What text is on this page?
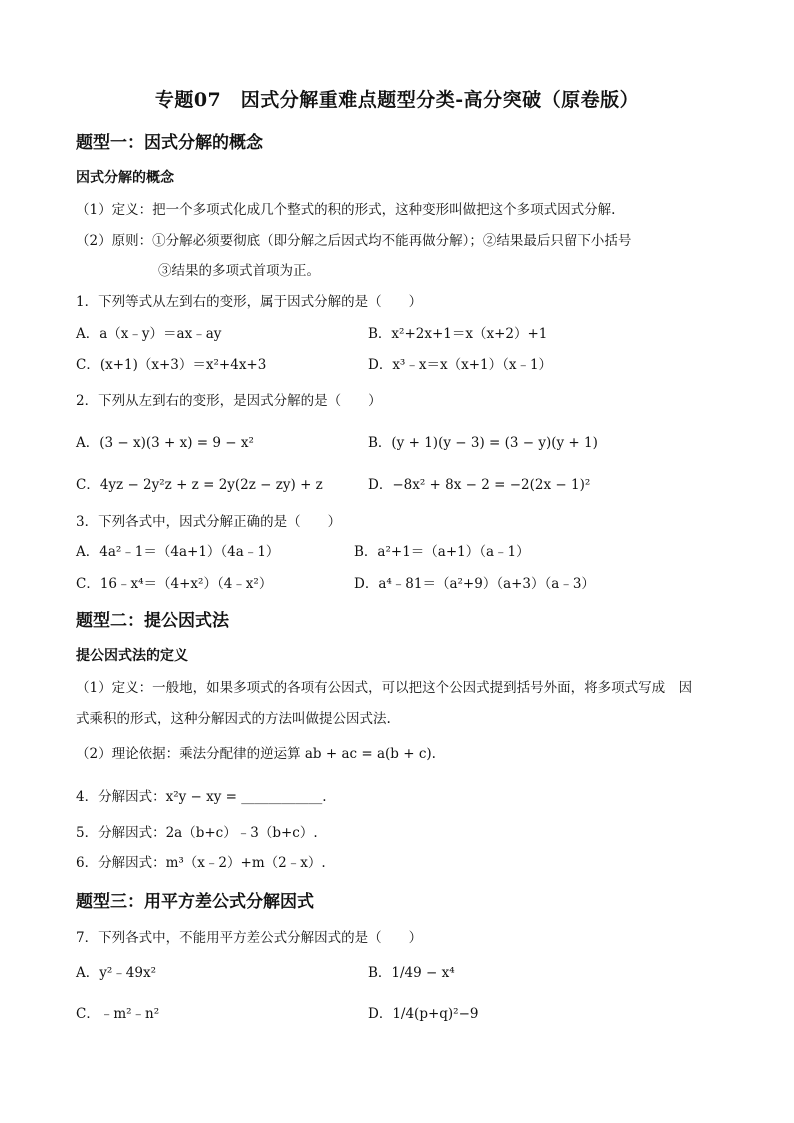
专题07　因式分解重难点题型分类-高分突破（原卷版）
题型一：因式分解的概念
因式分解的概念
（1）定义：把一个多项式化成几个整式的积的形式，这种变形叫做把这个多项式因式分解.
（2）原则：①分解必须要彻底（即分解之后因式均不能再做分解）；②结果最后只留下小括号
③结果的多项式首项为正。
1．下列等式从左到右的变形，属于因式分解的是（　　）
A．a（x﹣y）＝ax﹣ay	B．x²+2x+1＝x（x+2）+1
C．(x+1)（x+3）＝x²+4x+3	D．x³﹣x＝x（x+1）（x﹣1）
2．下列从左到右的变形，是因式分解的是（　　）
A．(3 − x)(3 + x) = 9 − x²	B．(y + 1)(y − 3) = (3 − y)(y + 1)
C．4yz − 2y²z + z = 2y(2z − zy) + z	D．−8x² + 8x − 2 = −2(2x − 1)²
3．下列各式中，因式分解正确的是（　　）
A．4a²﹣1＝（4a+1）（4a﹣1）	B．a²+1＝（a+1）（a﹣1）
C．16﹣x⁴＝（4+x²）（4﹣x²）	D．a⁴﹣81＝（a²+9）（a+3）（a﹣3）
题型二：提公因式法
提公因式法的定义
（1）定义：一般地，如果多项式的各项有公因式，可以把这个公因式提到括号外面，将多项式写成　因
式乘积的形式，这种分解因式的方法叫做提公因式法.
（2）理论依据：乘法分配律的逆运算 ab + ac = a(b + c).
4．分解因式：x²y − xy = ____________.
5．分解因式：2a（b+c）﹣3（b+c）.
6．分解因式：m³（x﹣2）+m（2﹣x）.
题型三：用平方差公式分解因式
7．下列各式中，不能用平方差公式分解因式的是（　　）
A．y²﹣49x²	B．1/49 − x⁴
C．﹣m²﹣n²	D．1/4(p+q)²−9
